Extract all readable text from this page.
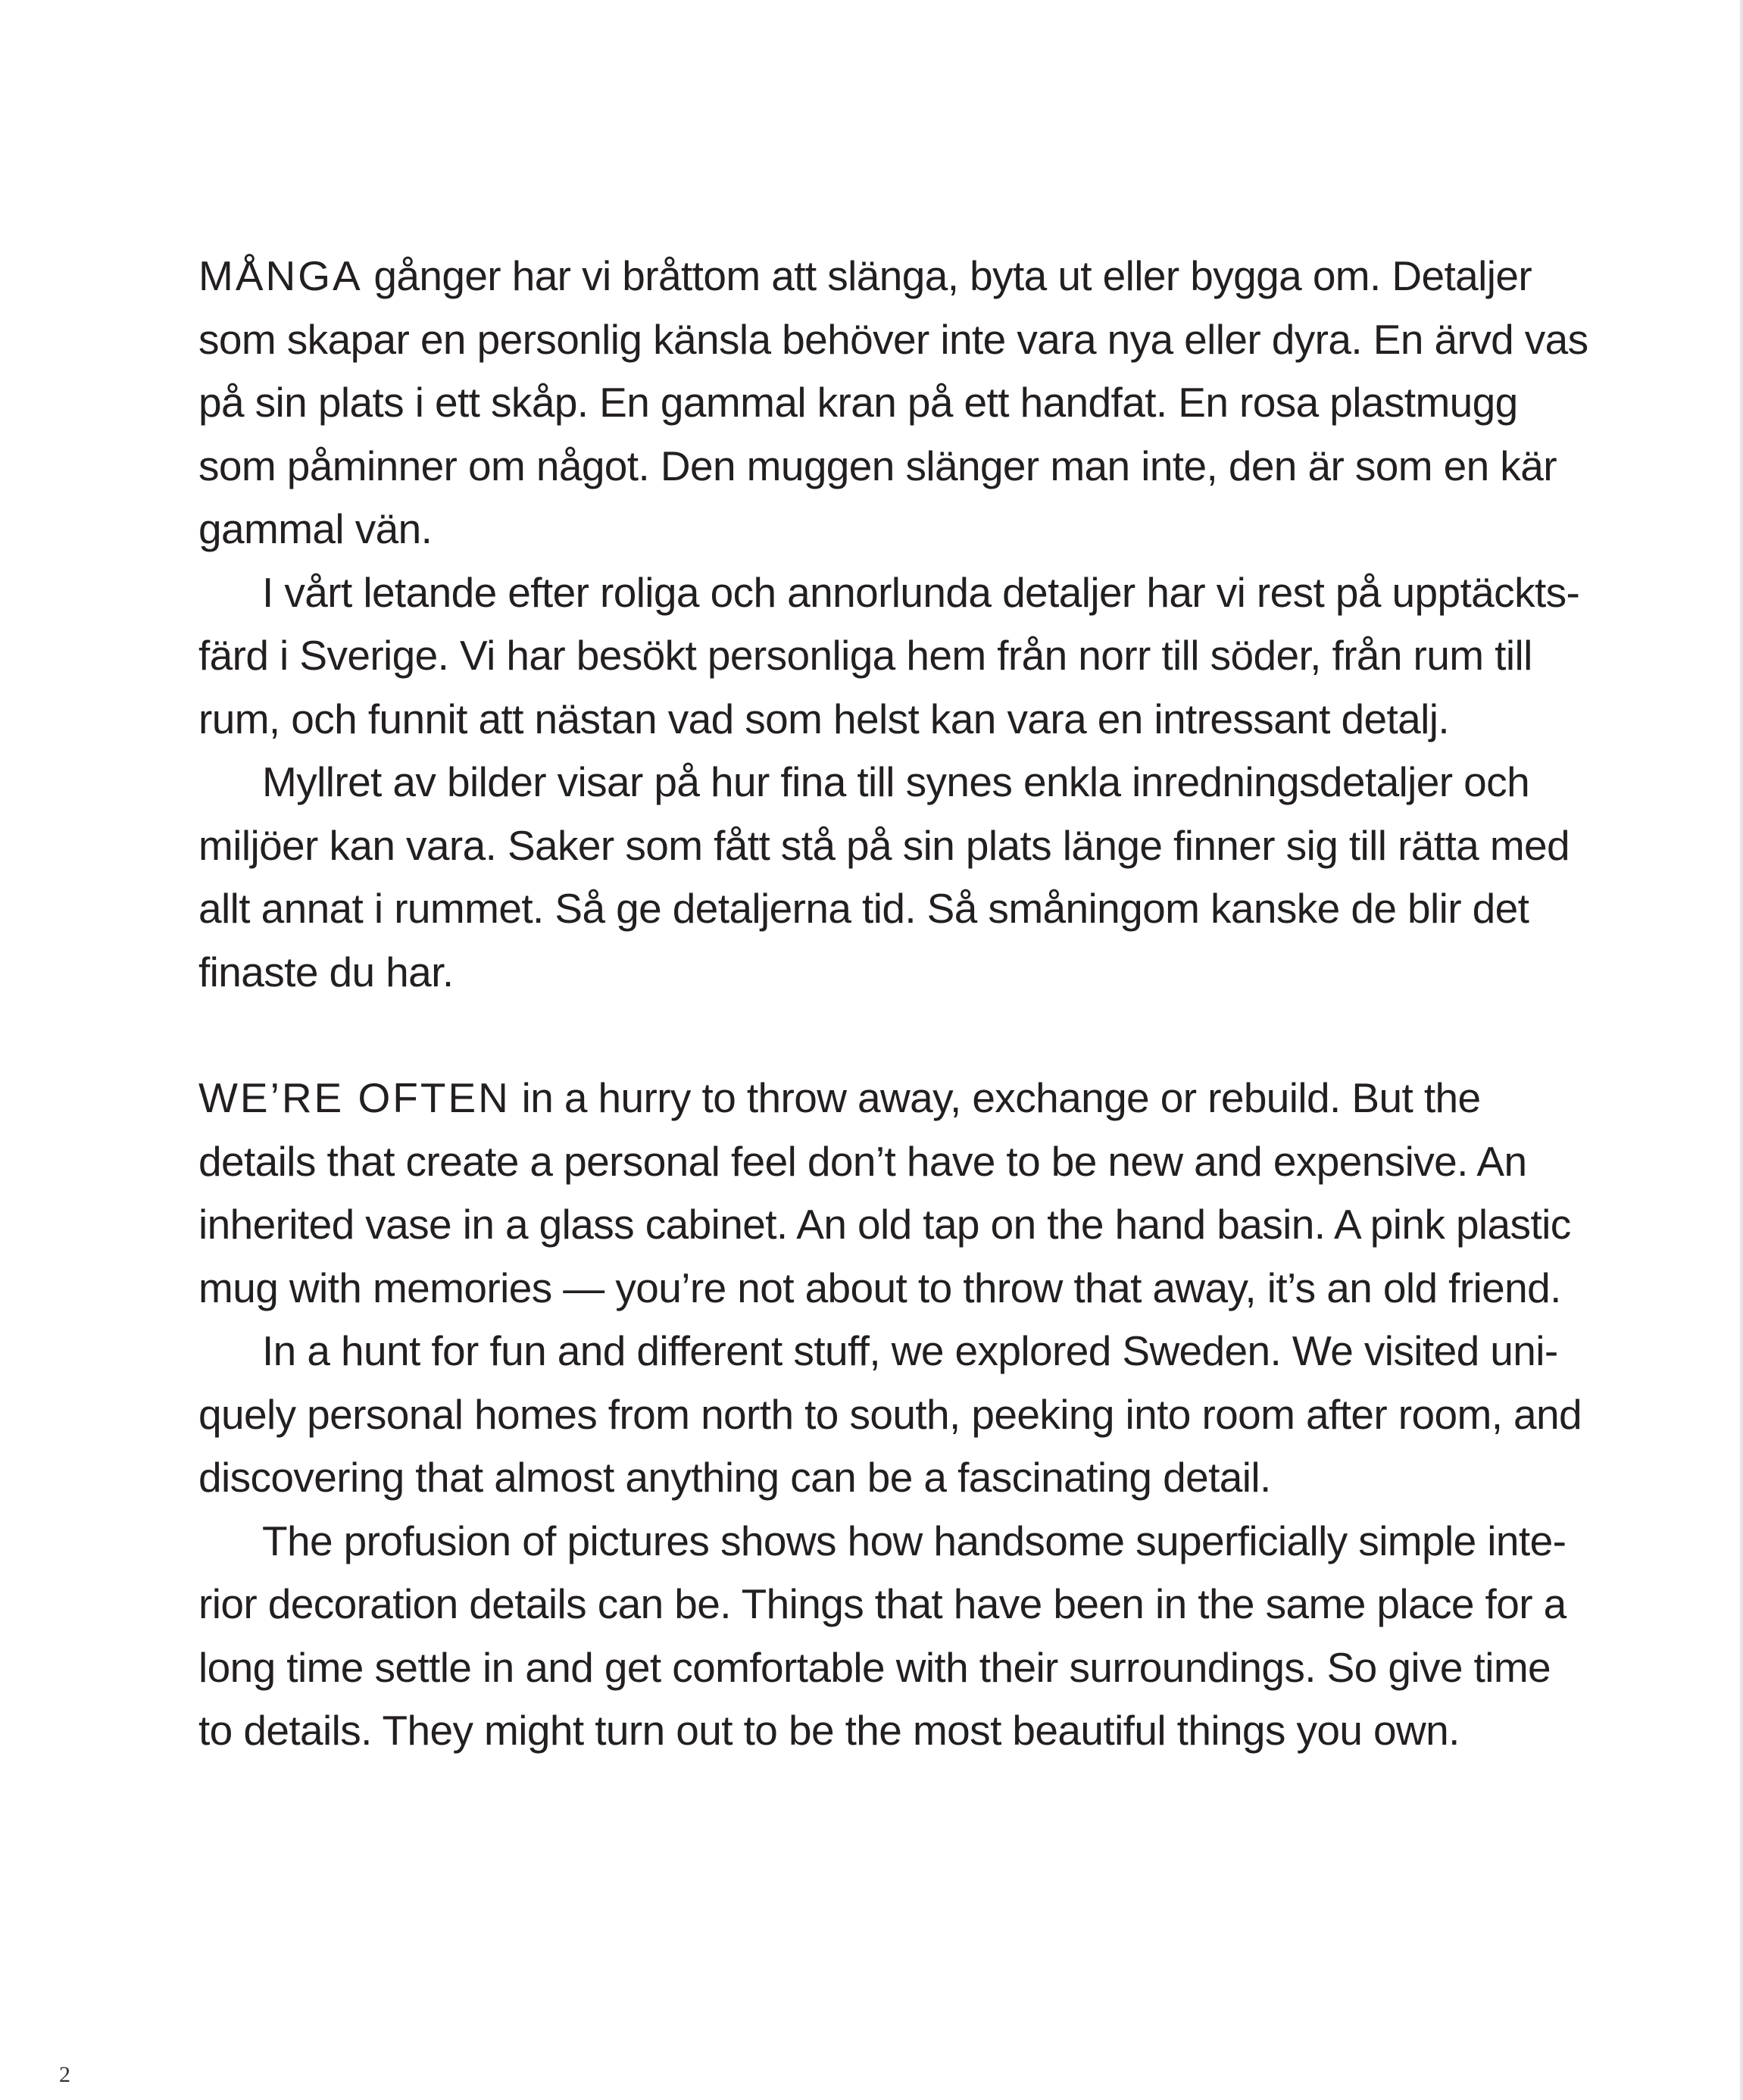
MÅNGA gånger har vi bråttom att slänga, byta ut eller bygga om. Detaljer

som skapar en personlig känsla behöver inte vara nya eller dyra. En ärvd vas

på sin plats i ett skåp. En gammal kran på ett handfat. En rosa plastmugg

som påminner om något. Den muggen slänger man inte, den är som en kär

gammal vän.

I vårt letande efter roliga och annorlunda detaljer har vi rest på upptäckts-

färd i Sverige. Vi har besökt personliga hem från norr till söder, från rum till

rum, och funnit att nästan vad som helst kan vara en intressant detalj.

Myllret av bilder visar på hur fina till synes enkla inredningsdetaljer och

miljöer kan vara. Saker som fått stå på sin plats länge finner sig till rätta med

allt annat i rummet. Så ge detaljerna tid. Så småningom kanske de blir det

finaste du har.

WE’RE OFTEN in a hurry to throw away, exchange or rebuild. But the

details that create a personal feel don’t have to be new and expensive. An

inherited vase in a glass cabinet. An old tap on the hand basin. A pink plastic

mug with memories — you’re not about to throw that away, it’s an old friend.

In a hunt for fun and different stuff, we explored Sweden. We visited uni-

quely personal homes from north to south, peeking into room after room, and

discovering that almost anything can be a fascinating detail.

The profusion of pictures shows how handsome superficially simple inte-

rior decoration details can be. Things that have been in the same place for a

long time settle in and get comfortable with their surroundings. So give time

to details. They might turn out to be the most beautiful things you own.

2
